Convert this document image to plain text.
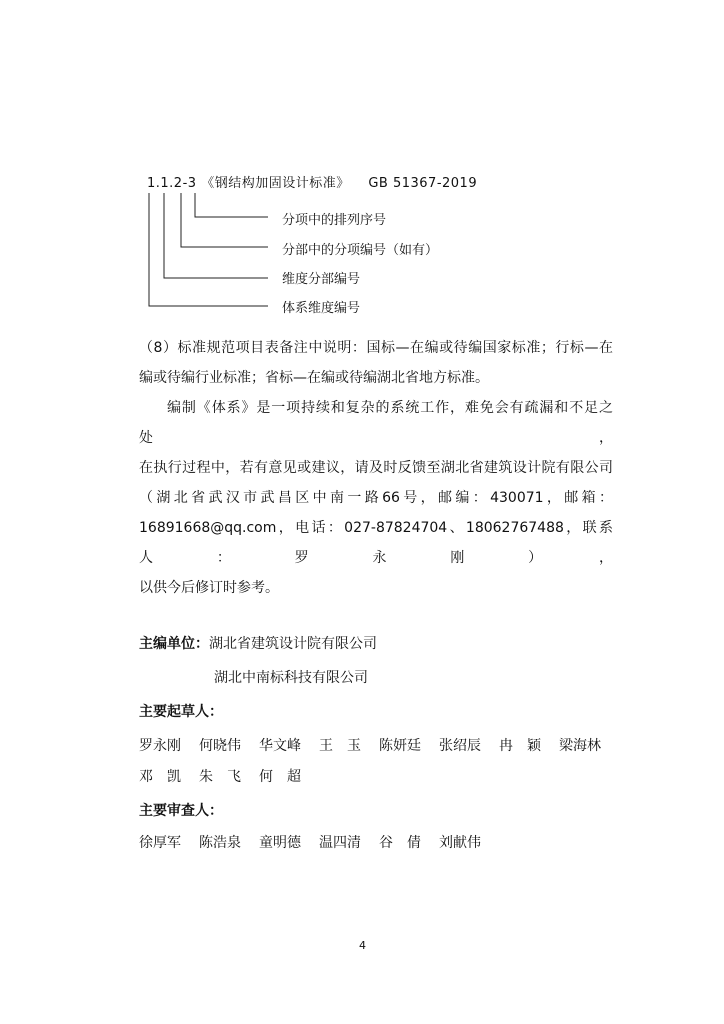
1.1.2-3 《钢结构加固设计标准》 GB 51367-2019
分项中的排列序号
分部中的分项编号（如有）
维度分部编号
体系维度编号

（8）标准规范项目表备注中说明：国标—在编或待编国家标准；行标—在

编或待编行业标准；省标—在编或待编湖北省地方标准。

编制《体系》是一项持续和复杂的系统工作，难免会有疏漏和不足之处，

在执行过程中，若有意见或建议，请及时反馈至湖北省建筑设计院有限公司

（湖北省武汉市武昌区中南一路66号，邮编：430071，邮箱：

16891668@qq.com，电话：027-87824704、18062767488，联系人：罗永刚），

以供今后修订时参考。

主编单位：湖北省建筑设计院有限公司
湖北中南标科技有限公司
主要起草人：
罗永刚 何晓伟 华文峰 王　玉 陈妍廷 张绍辰 冉　颖 梁海林
邓　凯 朱　飞 何　超
主要审查人：
徐厚军 陈浩泉 童明德 温四清 谷　倩 刘献伟
4
